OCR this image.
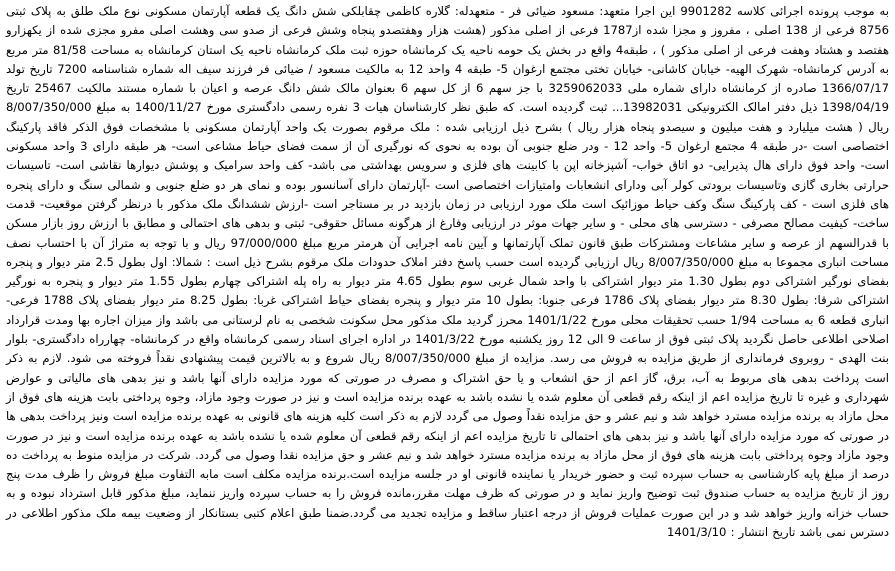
به موجب پرونده اجرائی کلاسه 9901282 این اجرا متعهد: مسعود ضیائی فر - متعهدله: گلاره کاظمی چقابلکی شش دانگ یک قطعه آپارتمان مسکونی نوع ملک طلق به پلاک ثبتی 8756 فرعی از 138 اصلی ، مفروز و مجزا شده از1787 فرعی از اصلی مذکور (هشت هزار وهفتصدو پنجاه وشش فرعی از صدو سی وهشت اصلی مفرو مجزی شده از یکهزارو هفتصد و هشتاد وهفت فرعی از اصلی مذکور ) ، طبقه4 واقع در بخش یک حومه ناحیه یک کرمانشاه حوزه ثبت ملک کرمانشاه ناحیه یک استان کرمانشاه به مساحت 81/58 متر مربع به آدرس کرمانشاه- شهرک الهیه- خیابان کاشانی- خیابان تختی مجتمع ارغوان 5- طبقه 4 واحد 12 به مالکیت مسعود / ضیائی فر فرزند سیف اله شماره شناسنامه 7200 تاریخ تولد 1366/07/17 صادره از کرمانشاه دارای شماره ملی 3259062033 با جز سهم 6 از کل سهم 6 بعنوان مالک شش دانگ عرصه و اعیان با شماره مستند مالکیت 25467 تاریخ 1398/04/19 ذیل دفتر امالک الکترونیکی 13982031... ثبت گردیده است. که طبق نظر کارشناسان هیات 3 نفره رسمی دادگستری مورخ 1400/11/27 به مبلغ 8/007/350/000 ریال ( هشت میلیارد و هفت میلیون و سیصدو پنجاه هزار ریال ) بشرح ذیل ارزیابی شده : ملک مرقوم بصورت یک واحد آپارتمان مسکونی با مشخصات فوق الذکر فاقد پارکینگ اختصاصی است -در طبقه 4 مجتمع ارغوان 5- واحد 12 - ودر ضلع جنوبی آن بوده به نحوی که نورگیری آن از سمت فضای حیاط مشاعی است- هر طبقه دارای 3 واحد مسکونی است- واحد فوق دارای هال پذیرایی- دو اتاق خواب- آشپزخانه اپن با کابینت های فلزی و سرویس بهداشتی می باشد- کف واحد سرامیک و پوشش دیوارها نقاشی است- تاسیسات حرارتی بخاری گازی وتاسیسات برودتی کولر آبی ودارای انشعابات وامتیازات اختصاصی است -آپارتمان دارای آسانسور بوده و نمای هر دو ضلع جنوبی و شمالی سنگ و دارای پنجره های فلزی است - کف پارکینگ سنگ وکف حیاط موزائیک است ملک مورد ارزیابی در زمان بازدید در بر مستاجر است -ارزش ششدانگ ملک مذکور با درنظر گرفتن موقعیت- قدمت ساخت- کیفیت مصالح مصرفی - دسترسی های محلی - و سایر جهات موثر در ارزیابی وفارغ از هرگونه مسائل حقوقی- ثبتی و بدهی های احتمالی و مطابق با ارزش روز بازار مسکن با قدرالسهم از عرصه و سایر مشاعات ومشترکات طبق قانون تملک آپارتمانها و آیین نامه اجرایی آن هرمتر مربع مبلغ 97/000/000 ریال و با توجه به متراژ آن با احتساب نصف مساحت انباری مجموعا به مبلغ 8/007/350/000 ریال ارزیابی گردیده است حسب پاسخ دفتر املاک حدودات ملک مرقوم بشرح ذیل است : شمالا: اول بطول 2.5 متر دیوار و پنجره بفضای نورگیر اشتراکی دوم بطول 1.30 متر دیوار اشتراکی با واحد شمال غربی سوم بطول 4.65 متر دیوار به راه پله اشتراکی چهارم بطول 1.55 متر دیوار و پنجره به نورگیر اشتراکی شرقا: بطول 8.30 متر دیوار بفضای پلاک 1786 فرعی جنوبا: بطول 10 متر دیوار و پنجره بفضای حیاط اشتراکی غربا: بطول 8.25 متر دیوار بفضای پلاک 1788 فرعی- انباری قطعه 6 به مساحت 1/94 حسب تحقیقات محلی مورخ 1401/1/22 محرز گردید ملک مذکور محل سکونت شخصی به نام لرستانی می باشد واز میزان اجاره بها ومدت قرارداد اصلاحی اطلاعی حاصل نگردید پلاک ثبتی فوق از ساعت 9 الی 12 روز یکشنبه مورخ 1401/3/22 در اداره اجرای اسناد رسمی کرمانشاه واقع در کرمانشاه- چهارراه دادگستری- بلوار بنت الهدی - روبروی فرمانداری از طریق مزایده به فروش می رسد. مزایده از مبلغ 8/007/350/000 ریال شروع و به بالاترین قیمت پیشنهادی نقداً فروخته می شود. لازم به ذکر است پرداخت بدهی های مربوط به آب، برق، گاز اعم از حق انشعاب و یا حق اشتراک و مصرف در صورتی که مورد مزایده دارای آنها باشد و نیز بدهی های مالیاتی و عوارض شهرداری و غیره تا تاریخ مزایده اعم از اینکه رقم قطعی آن معلوم شده یا نشده باشد به عهده برنده مزایده است و نیز در صورت وجود مازاد، وجوه پرداختی بابت هزینه های فوق از محل مازاد به برنده مزایده مسترد خواهد شد و نیم عشر و حق مزایده نقداً وصول می گردد لازم به ذکر است کلیه هزینه های قانونی به عهده برنده مزایده است ونیز پرداخت بدهی ها در صورتی که مورد مزایده دارای آنها باشد و نیز بدهی های احتمالی تا تاریخ مزایده اعم از اینکه رقم قطعی آن معلوم شده یا نشده باشد به عهده برنده مزایده است و نیز در صورت وجود مازاد وجوه پرداختی بابت هزینه های فوق از محل مازاد به برنده مزایده مسترد خواهد شد و نیم عشر و حق مزایده نقدا وصول می گردد. شرکت در مزایده منوط به پرداخت ده درصد از مبلغ پایه کارشناسی به حساب سپرده ثبت و حضور خریدار یا نماینده قانونی او در جلسه مزایده است.برنده مزایده مکلف است مابه التفاوت مبلغ فروش را ظرف مدت پنج روز از تاریخ مزایده به حساب صندوق ثبت توضیح واریز نماید و در صورتی که ظرف مهلت مقرر،مانده فروش را به حساب سپرده واریز ننماید، مبلغ مذکور قابل استرداد نبوده و به حساب خزانه واریز خواهد شد و در این صورت عملیات فروش از درجه اعتبار ساقط و مزایده تجدید می گردد.ضمنا طبق اعلام کتبی بستانکار از وضعیت بیمه ملک مذکور اطلاعی در دسترس نمی باشد تاریخ انتشار : 1401/3/10
